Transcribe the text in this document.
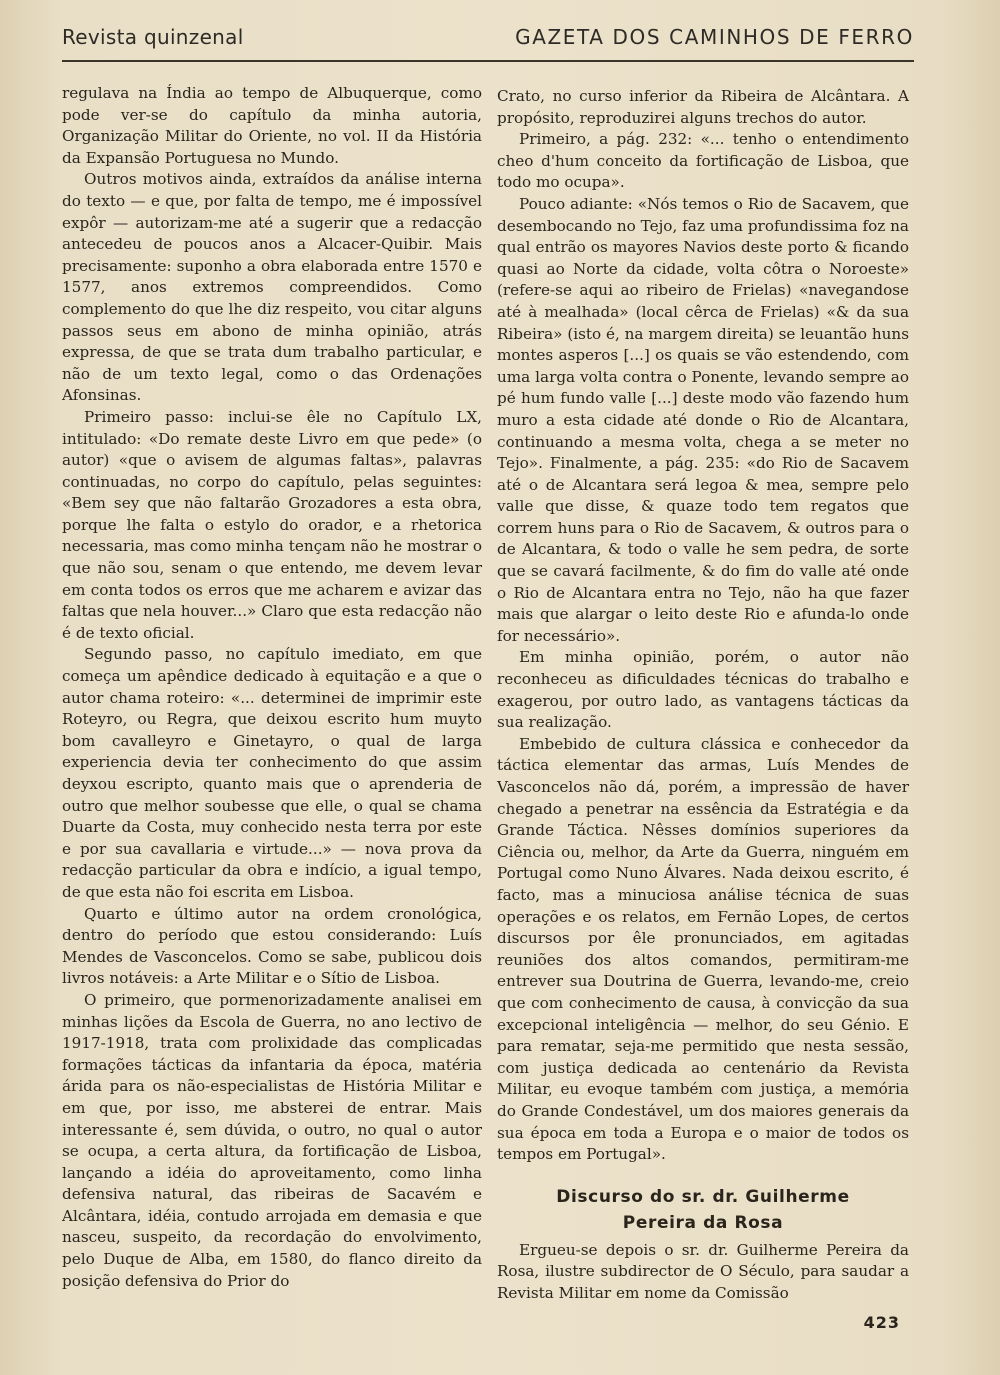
Revista quinzenal	GAZETA DOS CAMINHOS DE FERRO

regulava na Índia ao tempo de Albuquerque, como pode ver-se do capítulo da minha autoria, Organização Militar do Oriente, no vol. II da História da Expansão Portuguesa no Mundo.

Outros motivos ainda, extraídos da análise interna do texto — e que, por falta de tempo, me é impossível expôr — autorizam-me até a sugerir que a redacção antecedeu de poucos anos a Alcacer-Quibir. Mais precisamente: suponho a obra elaborada entre 1570 e 1577, anos extremos compreendidos. Como complemento do que lhe diz respeito, vou citar alguns passos seus em abono de minha opinião, atrás expressa, de que se trata dum trabalho particular, e não de um texto legal, como o das Ordenações Afonsinas.

Primeiro passo: inclui-se êle no Capítulo LX, intitulado: «Do remate deste Livro em que pede» (o autor) «que o avisem de algumas faltas», palavras continuadas, no corpo do capítulo, pelas seguintes: «Bem sey que não faltarão Grozadores a esta obra, porque lhe falta o estylo do orador, e a rhetorica necessaria, mas como minha tençam não he mostrar o que não sou, senam o que entendo, me devem levar em conta todos os erros que me acharem e avizar das faltas que nela houver...» Claro que esta redacção não é de texto oficial.

Segundo passo, no capítulo imediato, em que começa um apêndice dedicado à equitação e a que o autor chama roteiro: «... determinei de imprimir este Roteyro, ou Regra, que deixou escrito hum muyto bom cavalleyro e Ginetayro, o qual de larga experiencia devia ter conhecimento do que assim deyxou escripto, quanto mais que o aprenderia de outro que melhor soubesse que elle, o qual se chama Duarte da Costa, muy conhecido nesta terra por este e por sua cavallaria e virtude...» — nova prova da redacção particular da obra e indício, a igual tempo, de que esta não foi escrita em Lisboa.

Quarto e último autor na ordem cronológica, dentro do período que estou considerando: Luís Mendes de Vasconcelos. Como se sabe, publicou dois livros notáveis: a Arte Militar e o Sítio de Lisboa.

O primeiro, que pormenorizadamente analisei em minhas lições da Escola de Guerra, no ano lectivo de 1917-1918, trata com prolixidade das complicadas formações tácticas da infantaria da época, matéria árida para os não-especialistas de História Militar e em que, por isso, me absterei de entrar. Mais interessante é, sem dúvida, o outro, no qual o autor se ocupa, a certa altura, da fortificação de Lisboa, lançando a idéia do aproveitamento, como linha defensiva natural, das ribeiras de Sacavém e Alcântara, idéia, contudo arrojada em demasia e que nasceu, suspeito, da recordação do envolvimento, pelo Duque de Alba, em 1580, do flanco direito da posição defensiva do Prior do

Crato, no curso inferior da Ribeira de Alcântara. A propósito, reproduzirei alguns trechos do autor.

Primeiro, a pág. 232: «... tenho o entendimento cheo d'hum conceito da fortificação de Lisboa, que todo mo ocupa».

Pouco adiante: «Nós temos o Rio de Sacavem, que desembocando no Tejo, faz uma profundissima foz na qual entrão os mayores Navios deste porto & ficando quasi ao Norte da cidade, volta côtra o Noroeste» (refere-se aqui ao ribeiro de Frielas) «navegandose até à mealhada» (local cêrca de Frielas) «& da sua Ribeira» (isto é, na margem direita) se leuantão huns montes asperos [...] os quais se vão estendendo, com uma larga volta contra o Ponente, levando sempre ao pé hum fundo valle [...] deste modo vão fazendo hum muro a esta cidade até donde o Rio de Alcantara, continuando a mesma volta, chega a se meter no Tejo». Finalmente, a pág. 235: «do Rio de Sacavem até o de Alcantara será legoa & mea, sempre pelo valle que disse, & quaze todo tem regatos que correm huns para o Rio de Sacavem, & outros para o de Alcantara, & todo o valle he sem pedra, de sorte que se cavará facilmente, & do fim do valle até onde o Rio de Alcantara entra no Tejo, não ha que fazer mais que alargar o leito deste Rio e afunda-lo onde for necessário».

Em minha opinião, porém, o autor não reconheceu as dificuldades técnicas do trabalho e exagerou, por outro lado, as vantagens tácticas da sua realização.

Embebido de cultura clássica e conhecedor da táctica elementar das armas, Luís Mendes de Vasconcelos não dá, porém, a impressão de haver chegado a penetrar na essência da Estratégia e da Grande Táctica. Nêsses domínios superiores da Ciência ou, melhor, da Arte da Guerra, ninguém em Portugal como Nuno Álvares. Nada deixou escrito, é facto, mas a minuciosa análise técnica de suas operações e os relatos, em Fernão Lopes, de certos discursos por êle pronunciados, em agitadas reuniões dos altos comandos, permitiram-me entrever sua Doutrina de Guerra, levando-me, creio que com conhecimento de causa, à convicção da sua excepcional inteligência — melhor, do seu Génio. E para rematar, seja-me permitido que nesta sessão, com justiça dedicada ao centenário da Revista Militar, eu evoque também com justiça, a memória do Grande Condestável, um dos maiores generais da sua época em toda a Europa e o maior de todos os tempos em Portugal».

Discurso do sr. dr. Guilherme
Pereira da Rosa

Ergueu-se depois o sr. dr. Guilherme Pereira da Rosa, ilustre subdirector de O Século, para saudar a Revista Militar em nome da Comissão

423
